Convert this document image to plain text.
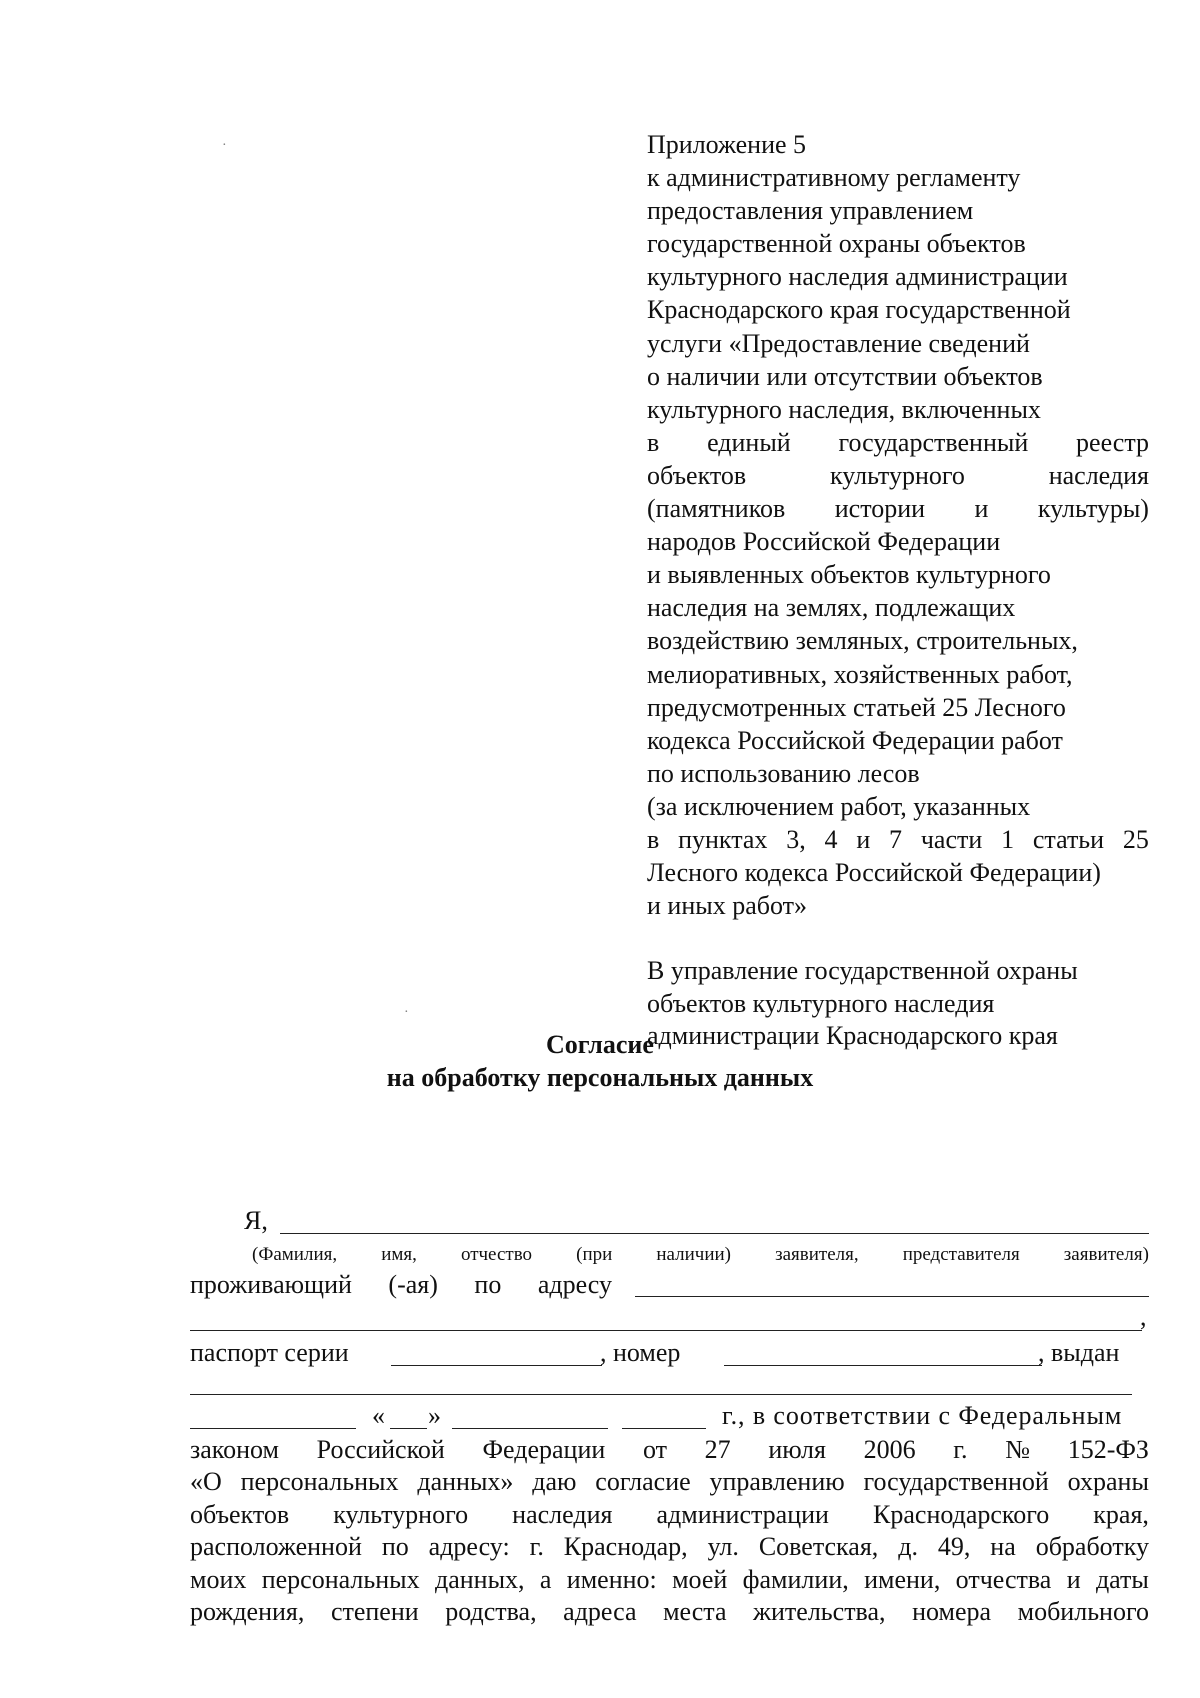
Приложение 5
к административному регламенту
предоставления управлением
государственной охраны объектов
культурного наследия администрации
Краснодарского края государственной
услуги «Предоставление сведений
о наличии или отсутствии объектов
культурного наследия, включенных
в единый государственный реестр
объектов	культурного	наследия
(памятников истории и культуры)
народов Российской Федерации
и выявленных объектов культурного
наследия на землях, подлежащих
воздействию земляных, строительных,
мелиоративных, хозяйственных работ,
предусмотренных статьей 25 Лесного
кодекса Российской Федерации работ
по использованию лесов
(за исключением работ, указанных
в пунктах 3, 4 и 7 части 1 статьи 25
Лесного кодекса Российской Федерации)
и иных работ»
В управление государственной охраны
объектов культурного наследия
администрации Краснодарского края
Согласие
на обработку персональных данных
Я,
(Фамилия, имя, отчество (при наличии) заявителя, представителя заявителя)
проживающий (-ая) по адресу
,
паспорт серии	, номер	, выдан
« »	г., в соответствии с Федеральным
законом Российской Федерации от 27 июля 2006 г. № 152-ФЗ
«О персональных данных» даю согласие управлению государственной охраны
объектов культурного наследия администрации Краснодарского края,
расположенной по адресу: г. Краснодар, ул. Советская, д. 49, на обработку
моих персональных данных, а именно: моей фамилии, имени, отчества и даты
рождения, степени родства, адреса места жительства, номера мобильного
·
·
